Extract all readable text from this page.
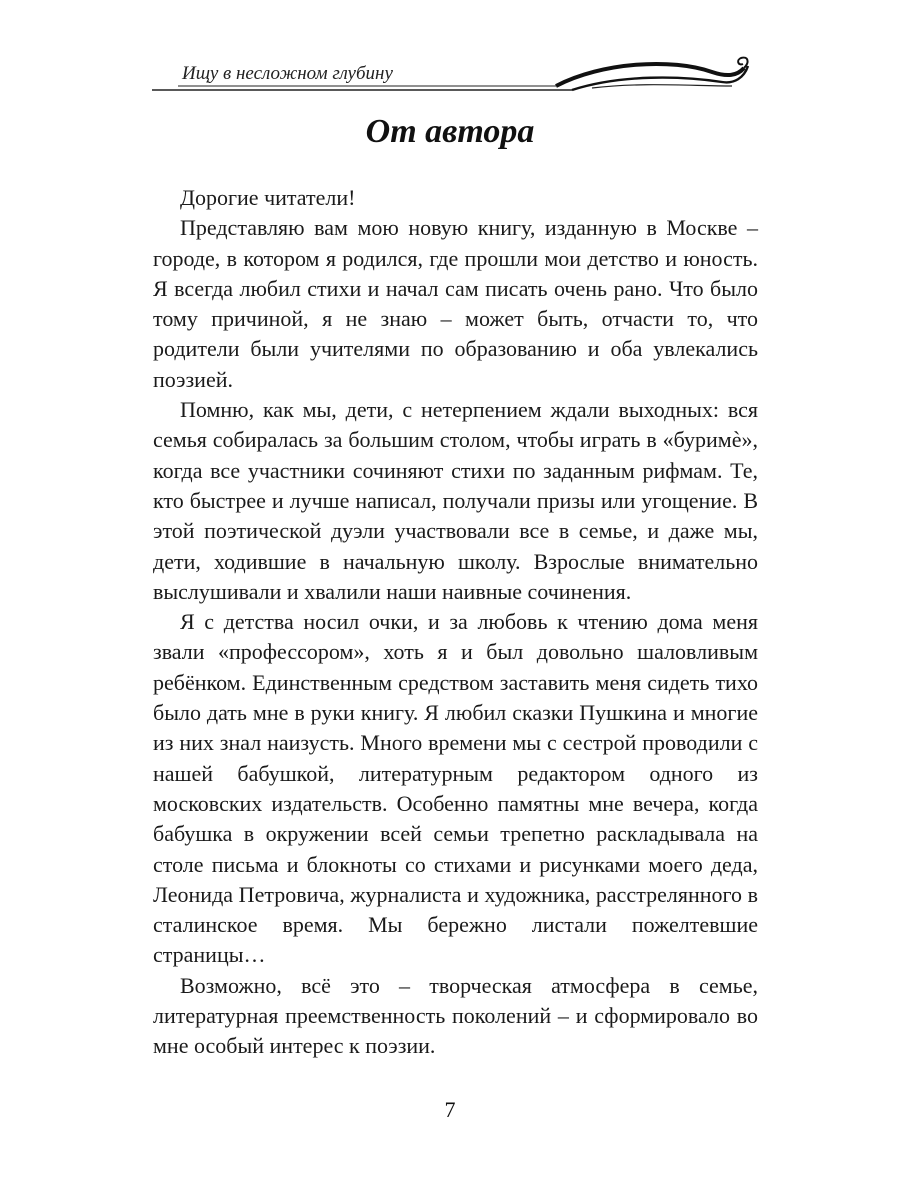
Ищу в несложном глубину
От автора

Дорогие читатели!

Представляю вам мою новую книгу, изданную в Москве – городе, в котором я родился, где прошли мои детство и юность. Я всегда любил стихи и начал сам писать очень рано. Что было тому причиной, я не знаю – может быть, отчасти то, что родители были учителями по образованию и оба увлекались поэзией.

Помню, как мы, дети, с нетерпением ждали выходных: вся семья собиралась за большим столом, чтобы играть в «буримѐ», когда все участники сочиняют стихи по заданным рифмам. Те, кто быстрее и лучше написал, получали призы или угощение. В этой поэтической дуэли участвовали все в семье, и даже мы, дети, ходившие в начальную школу. Взрослые внимательно выслушивали и хвалили наши наивные сочинения.

Я с детства носил очки, и за любовь к чтению дома меня звали «профессором», хоть я и был довольно шаловливым ребёнком. Единственным средством заставить меня сидеть тихо было дать мне в руки книгу. Я любил сказки Пушкина и многие из них знал наизусть. Много времени мы с сестрой проводили с нашей бабушкой, литературным редактором одного из московских издательств. Особенно памятны мне вечера, когда бабушка в окружении всей семьи трепетно раскладывала на столе письма и блокноты со стихами и рисунками моего деда, Леонида Петровича, журналиста и художника, расстрелянного в сталинское время. Мы бережно листали пожелтевшие страницы…

Возможно, всё это – творческая атмосфера в семье, литературная преемственность поколений – и сформировало во мне особый интерес к поэзии.

7
